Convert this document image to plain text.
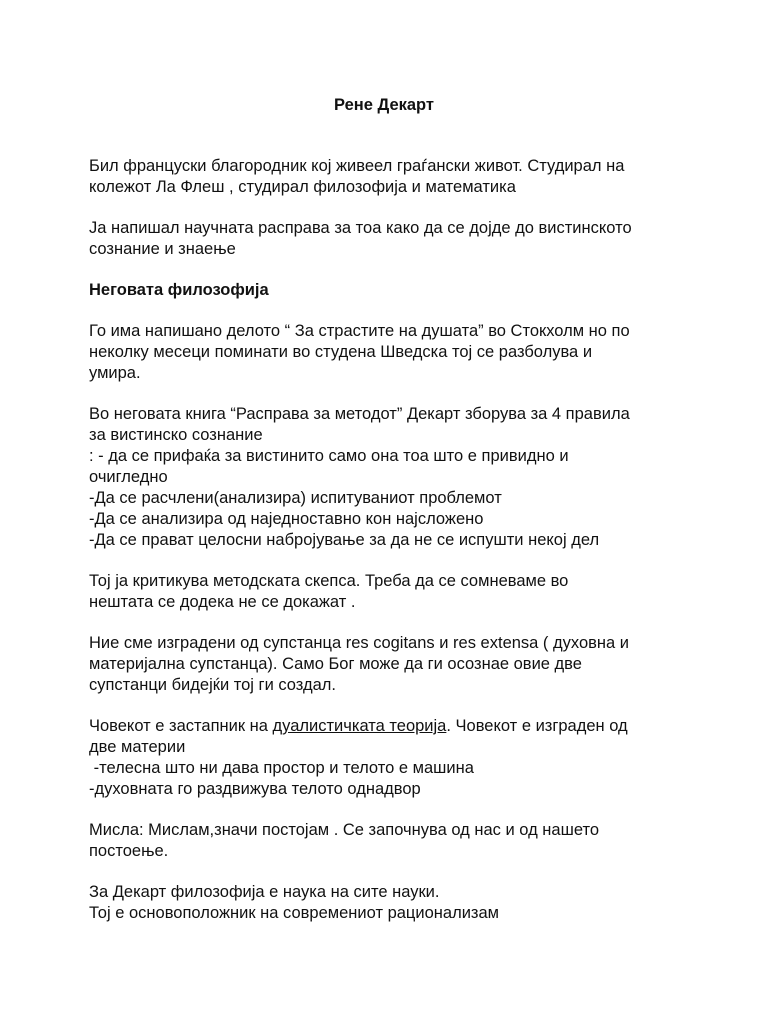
Рене Декарт
Бил француски благородник кој живеел граѓански живот. Студирал на
колежот Ла Флеш , студирал филозофија и математика
Ја напишал научната расправа за тоа како да се дојде до вистинското
сознание и знаење
Неговата филозофија
Го има напишано делото “ За страстите на душата” во Стокхолм но по
неколку месеци поминати во студена Шведска тој се разболува и
умира.
Во неговата книга “Расправа за методот” Декарт зборува за 4 правила
за вистинско сознание
: - да се прифаќа за вистинито само она тоа што е привидно и
очигледно
-Да се расчлени(анализира) испитуваниот проблемот
-Да се анализира од наједноставно кон најсложено
-Да се прават целосни набројување за да не се испушти некој дел
Тој ја критикува методската скепса. Треба да се сомневаме во
нештата се додека не се докажат .
Ние сме изградени од супстанца res cogitans и res extensa ( духовна и
материјална супстанца). Само Бог може да ги осознае овие две
супстанци бидејќи тој ги создал.
Човекот е застапник на дуалистичката теорија. Човекот е изграден од
две материи
-телесна што ни дава простор и телото е машина
-духовната го раздвижува телото однадвор
Мисла: Мислам,значи постојам . Се започнува од нас и од нашето
постоење.
За Декарт филозофија е наука на сите науки.
Тој е основоположник на современиот рационализам
